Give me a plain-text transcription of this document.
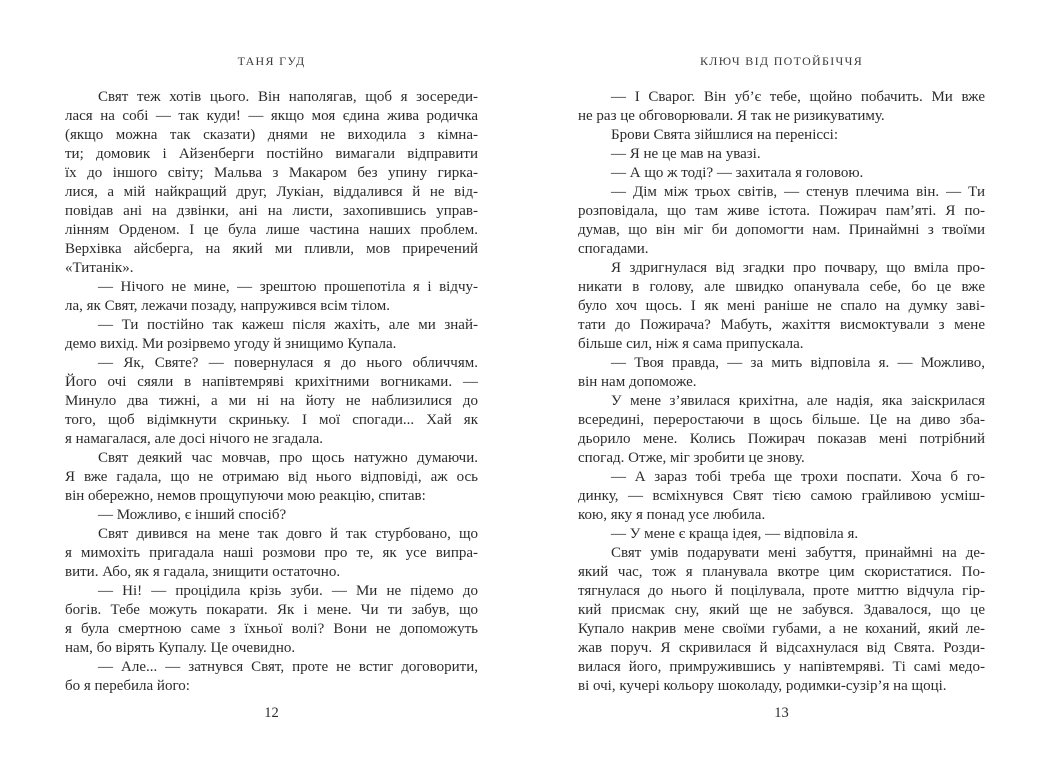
ТАНЯ ГУД
Свят теж хотів цього. Він наполягав, щоб я зосереди-
лася на собі — так куди! — якщо моя єдина жива родичка
(якщо можна так сказати) днями не виходила з кімна-
ти; домовик і Айзенберги постійно вимагали відправити
їх до іншого світу; Мальва з Макаром без упину гирка-
лися, а мій найкращий друг, Лукіан, віддалився й не від-
повідав ані на дзвінки, ані на листи, захопившись управ-
лінням Орденом. І це була лише частина наших проблем.
Верхівка айсберга, на який ми пливли, мов приречений
«Титанік».
— Нічого не мине, — зрештою прошепотіла я і відчу-
ла, як Свят, лежачи позаду, напружився всім тілом.
— Ти постійно так кажеш після жахіть, але ми знай-
демо вихід. Ми розірвемо угоду й знищимо Купала.
— Як, Святе? — повернулася я до нього обличчям.
Його очі сяяли в напівтемряві крихітними вогниками. —
Минуло два тижні, а ми ні на йоту не наблизилися до
того, щоб відімкнути скриньку. І мої спогади... Хай як
я намагалася, але досі нічого не згадала.
Свят деякий час мовчав, про щось натужно думаючи.
Я вже гадала, що не отримаю від нього відповіді, аж ось
він обережно, немов прощупуючи мою реакцію, спитав:
— Можливо, є інший спосіб?
Свят дивився на мене так довго й так стурбовано, що
я мимохіть пригадала наші розмови про те, як усе випра-
вити. Або, як я гадала, знищити остаточно.
— Ні! — процідила крізь зуби. — Ми не підемо до
богів. Тебе можуть покарати. Як і мене. Чи ти забув, що
я була смертною саме з їхньої волі? Вони не допоможуть
нам, бо вірять Купалу. Це очевидно.
— Але... — затнувся Свят, проте не встиг договорити,
бо я перебила його:
12
КЛЮЧ ВІД ПОТОЙБІЧЧЯ
— І Сварог. Він уб’є тебе, щойно побачить. Ми вже
не раз це обговорювали. Я так не ризикуватиму.
Брови Свята зійшлися на переніссі:
— Я не це мав на увазі.
— А що ж тоді? — захитала я головою.
— Дім між трьох світів, — стенув плечима він. — Ти
розповідала, що там живе істота. Пожирач пам’яті. Я по-
думав, що він міг би допомогти нам. Принаймні з твоїми
спогадами.
Я здригнулася від згадки про почвару, що вміла про-
никати в голову, але швидко опанувала себе, бо це вже
було хоч щось. І як мені раніше не спало на думку заві-
тати до Пожирача? Мабуть, жахіття висмоктували з мене
більше сил, ніж я сама припускала.
— Твоя правда, — за мить відповіла я. — Можливо,
він нам допоможе.
У мене з’явилася крихітна, але надія, яка заіскрилася
всередині, переростаючи в щось більше. Це на диво зба-
дьорило мене. Колись Пожирач показав мені потрібний
спогад. Отже, міг зробити це знову.
— А зараз тобі треба ще трохи поспати. Хоча б го-
динку, — всміхнувся Свят тією самою грайливою усміш-
кою, яку я понад усе любила.
— У мене є краща ідея, — відповіла я.
Свят умів подарувати мені забуття, принаймні на де-
який час, тож я планувала вкотре цим скористатися. По-
тягнулася до нього й поцілувала, проте миттю відчула гір-
кий присмак сну, який ще не забувся. Здавалося, що це
Купало накрив мене своїми губами, а не коханий, який ле-
жав поруч. Я скривилася й відсахнулася від Свята. Розди-
вилася його, примружившись у напівтемряві. Ті самі медо-
ві очі, кучері кольору шоколаду, родимки-сузір’я на щоці.
13
